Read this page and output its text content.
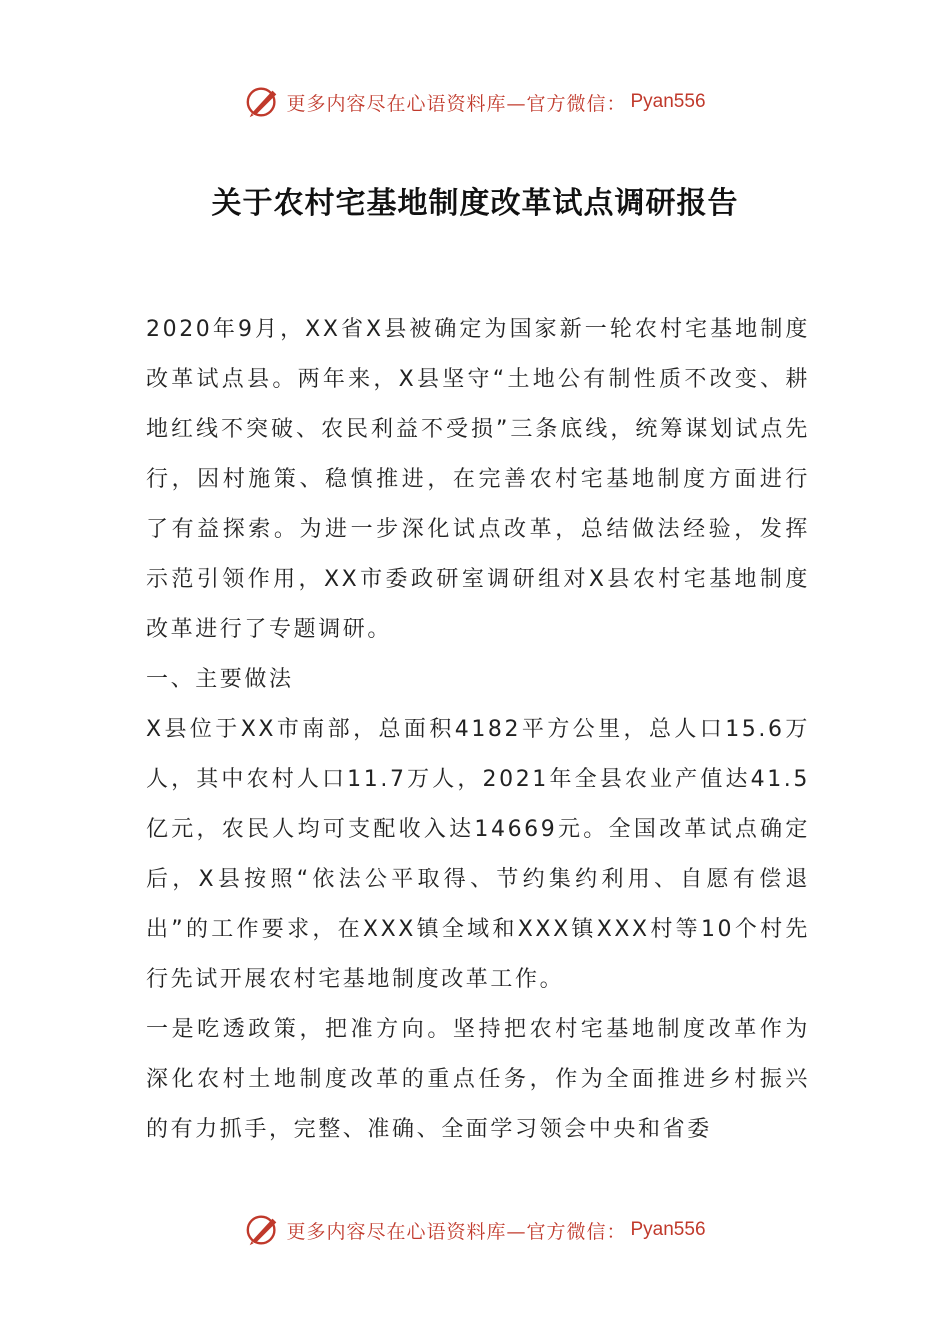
更多内容尽在心语资料库—官方微信： Pyan556
关于农村宅基地制度改革试点调研报告

2020年9月，XX省X县被确定为国家新一轮农村宅基地制度改革试点县。两年来，X县坚守“土地公有制性质不改变、耕地红线不突破、农民利益不受损”三条底线，统筹谋划试点先行，因村施策、稳慎推进，在完善农村宅基地制度方面进行了有益探索。为进一步深化试点改革，总结做法经验，发挥示范引领作用，XX市委政研室调研组对X县农村宅基地制度改革进行了专题调研。

一、主要做法

X县位于XX市南部，总面积4182平方公里，总人口15.6万人，其中农村人口11.7万人，2021年全县农业产值达41.5亿元，农民人均可支配收入达14669元。全国改革试点确定后，X县按照“依法公平取得、节约集约利用、自愿有偿退出”的工作要求，在XXX镇全域和XXX镇XXX村等10个村先行先试开展农村宅基地制度改革工作。

一是吃透政策，把准方向。坚持把农村宅基地制度改革作为深化农村土地制度改革的重点任务，作为全面推进乡村振兴的有力抓手，完整、准确、全面学习领会中央和省委

更多内容尽在心语资料库—官方微信： Pyan556
